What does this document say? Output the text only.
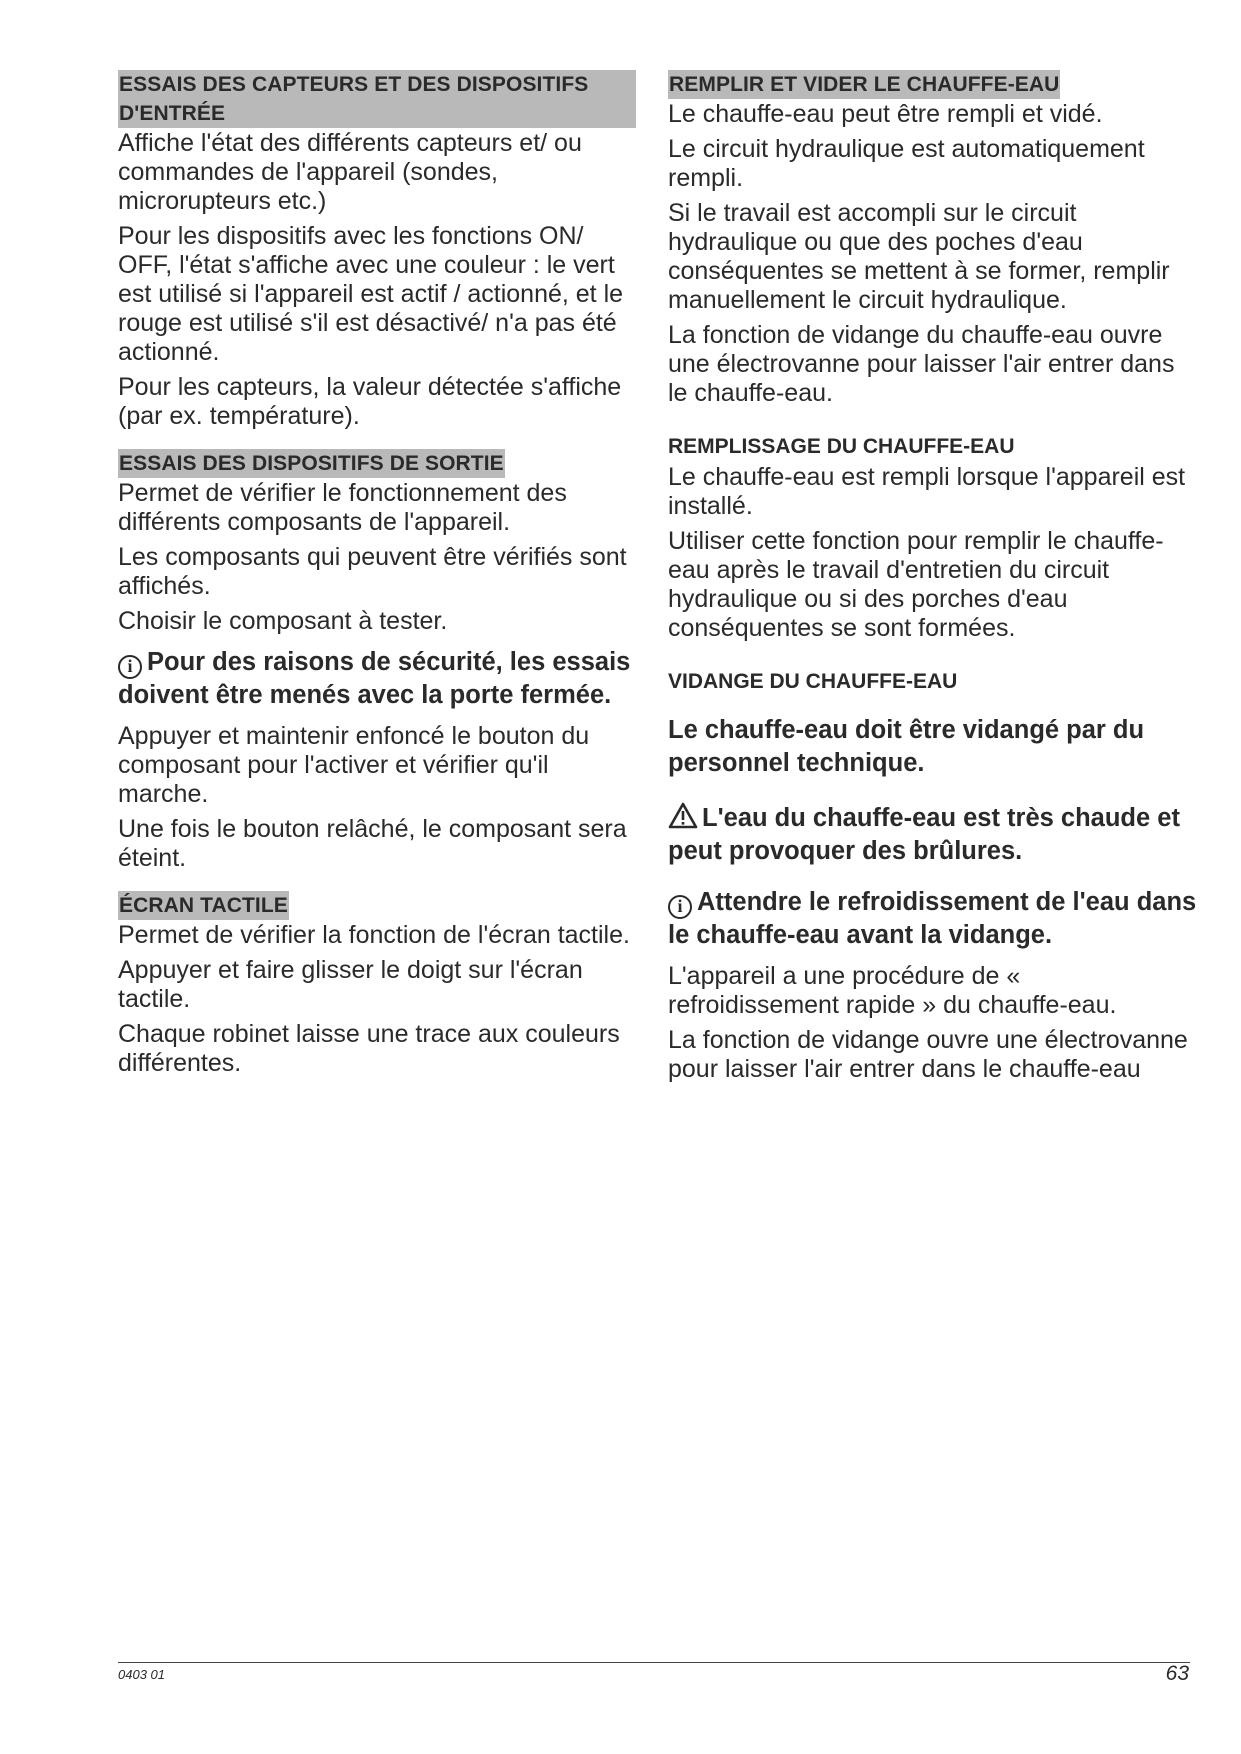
ESSAIS DES CAPTEURS ET DES DISPOSITIFS D'ENTRÉE

Affiche l'état des différents capteurs et/ ou commandes de l'appareil (sondes, microrupteurs etc.)

Pour les dispositifs avec les fonctions ON/ OFF, l'état s'affiche avec une couleur : le vert est utilisé si l'appareil est actif / actionné, et le rouge est utilisé s'il est désactivé/ n'a pas été actionné.

Pour les capteurs, la valeur détectée s'affiche (par ex. température).

ESSAIS DES DISPOSITIFS DE SORTIE

Permet de vérifier le fonctionnement des différents composants de l'appareil.

Les composants qui peuvent être vérifiés sont affichés.

Choisir le composant à tester.

i Pour des raisons de sécurité, les essais doivent être menés avec la porte fermée.

Appuyer et maintenir enfoncé le bouton du composant pour l'activer et vérifier qu'il marche.

Une fois le bouton relâché, le composant sera éteint.

ÉCRAN TACTILE

Permet de vérifier la fonction de l'écran tactile.

Appuyer et faire glisser le doigt sur l'écran tactile.

Chaque robinet laisse une trace aux couleurs différentes.

REMPLIR ET VIDER LE CHAUFFE-EAU

Le chauffe-eau peut être rempli et vidé.

Le circuit hydraulique est automatiquement rempli.

Si le travail est accompli sur le circuit hydraulique ou que des poches d'eau conséquentes se mettent à se former, remplir manuellement le circuit hydraulique.

La fonction de vidange du chauffe-eau ouvre une électrovanne pour laisser l'air entrer dans le chauffe-eau.

REMPLISSAGE DU CHAUFFE-EAU

Le chauffe-eau est rempli lorsque l'appareil est installé.

Utiliser cette fonction pour remplir le chauffe-eau après le travail d'entretien du circuit hydraulique ou si des porches d'eau conséquentes se sont formées.

VIDANGE DU CHAUFFE-EAU
Le chauffe-eau doit être vidangé par du personnel technique.
L'eau du chauffe-eau est très chaude et peut provoquer des brûlures.
i Attendre le refroidissement de l'eau dans le chauffe-eau avant la vidange.

L'appareil a une procédure de « refroidissement rapide » du chauffe-eau.

La fonction de vidange ouvre une électrovanne pour laisser l'air entrer dans le chauffe-eau

0403 01	63
